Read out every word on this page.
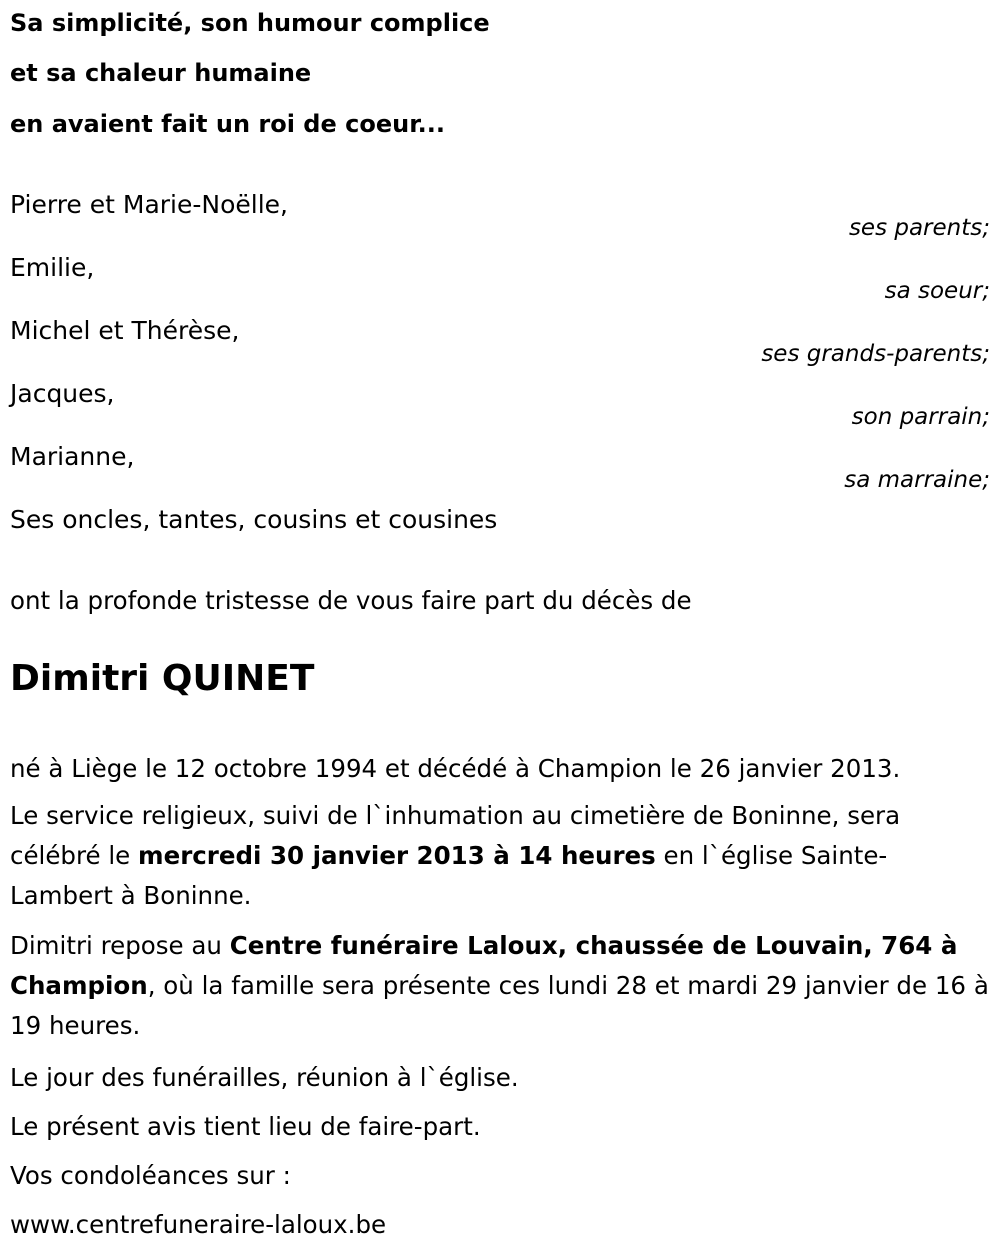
Sa simplicité, son humour complice
et sa chaleur humaine
en avaient fait un roi de coeur...
Pierre et Marie-Noëlle,
ses parents;
Emilie,
sa soeur;
Michel et Thérèse,
ses grands-parents;
Jacques,
son parrain;
Marianne,
sa marraine;
Ses oncles, tantes, cousins et cousines
ont la profonde tristesse de vous faire part du décès de
Dimitri QUINET
né à Liège le 12 octobre 1994 et décédé à Champion le 26 janvier 2013.
Le service religieux, suivi de l`inhumation au cimetière de Boninne, sera célébré le mercredi 30 janvier 2013 à 14 heures en l`église Sainte-Lambert à Boninne.
Dimitri repose au Centre funéraire Laloux, chaussée de Louvain, 764 à Champion, où la famille sera présente ces lundi 28 et mardi 29 janvier de 16 à 19 heures.
Le jour des funérailles, réunion à l`église.
Le présent avis tient lieu de faire-part.
Vos condoléances sur :
www.centrefuneraire-laloux.be
